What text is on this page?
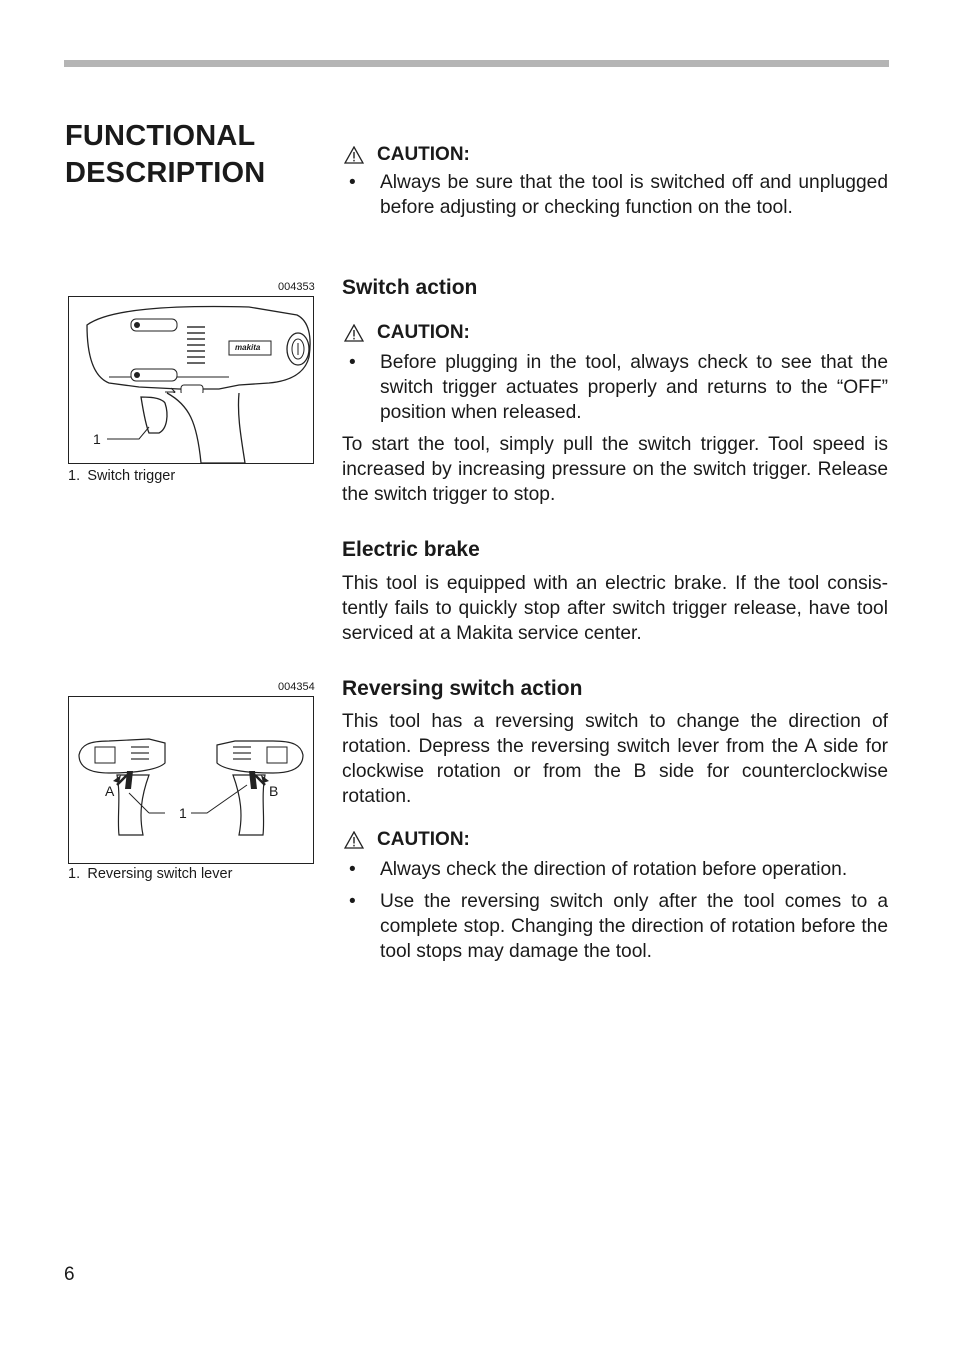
FUNCTIONAL
DESCRIPTION
CAUTION:
• Always be sure that the tool is switched off and unplugged before adjusting or checking function on the tool.
Switch action
CAUTION:
• Before plugging in the tool, always check to see that the switch trigger actuates properly and returns to the “OFF” position when released.
To start the tool, simply pull the switch trigger. Tool speed is increased by increasing pressure on the switch trigger. Release the switch trigger to stop.
Electric brake
This tool is equipped with an electric brake. If the tool consis-tently fails to quickly stop after switch trigger release, have tool serviced at a Makita service center.
Reversing switch action
This tool has a reversing switch to change the direction of rotation. Depress the reversing switch lever from the A side for clockwise rotation or from the B side for counterclockwise rotation.
CAUTION:
• Always check the direction of rotation before operation.
• Use the reversing switch only after the tool comes to a complete stop. Changing the direction of rotation before the tool stops may damage the tool.
004353
1
makita
1. Switch trigger
004354
A	B
1
1. Reversing switch lever
6
